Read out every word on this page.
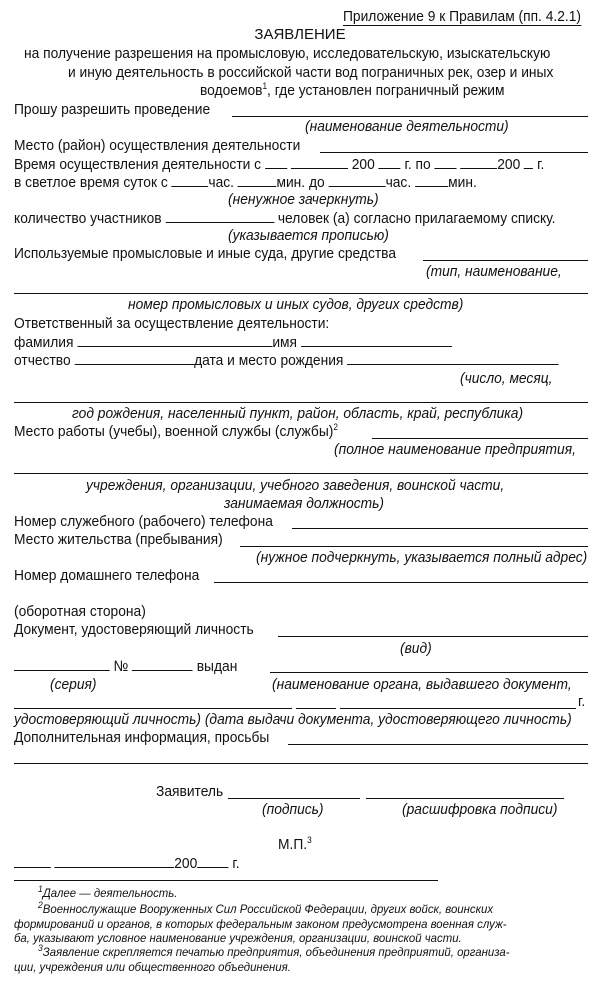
Приложение 9 к Правилам (пп. 4.2.1)
ЗАЯВЛЕНИЕ
на получение разрешения на промысловую, исследовательскую, изыскательскую
и иную деятельность в российской части вод пограничных рек, озер и иных
водоемов$^1$, где установлен пограничный режим
Прошу разрешить проведение
(наименование деятельности)
Место (район) осуществления деятельности
Время осуществления деятельности с	200 г. по	200 г.
в светлое время суток с	час.	мин. до	час. мин.
(ненужное зачеркнуть)
количество участников	человек (а) согласно прилагаемому списку.
(указывается прописью)
Используемые промысловые и иные суда, другие средства
(тип, наименование,
номер промысловых и иных судов, других средств)
Ответственный за осуществление деятельности:
фамилия	имя
отчество	дата и место рождения
(число, месяц,
год рождения, населенный пункт, район, область, край, республика)
Место работы (учебы), военной службы (службы)$^2$
(полное наименование предприятия,
учреждения, организации, учебного заведения, воинской части,
занимаемая должность)
Номер служебного (рабочего) телефона
Место жительства (пребывания)
(нужное подчеркнуть, указывается полный адрес)
Номер домашнего телефона
(оборотная сторона)
Документ, удостоверяющий личность
(вид)
№	выдан
(серия)	(наименование органа, выдавшего документ,
г.
удостоверяющий личность) (дата выдачи документа, удостоверяющего личность)
Дополнительная информация, просьбы
Заявитель
(подпись)	(расшифровка подписи)
М.П.$^3$
200 г.
$^1$Далее — деятельность.
$^2$Военнослужащие Вооруженных Сил Российской Федерации, других войск, воинских
формирований и органов, в которых федеральным законом предусмотрена военная служ-
ба, указывают условное наименование учреждения, организации, воинской части.
$^3$Заявление скрепляется печатью предприятия, объединения предприятий, организа-
ции, учреждения или общественного объединения.
